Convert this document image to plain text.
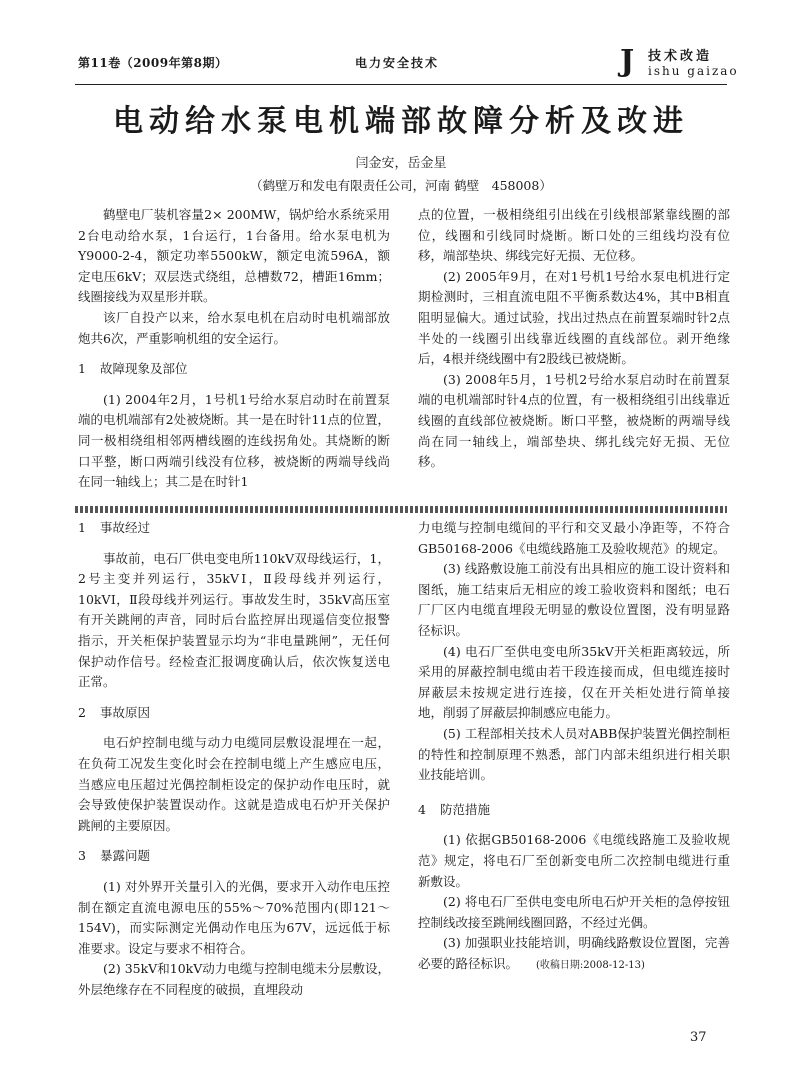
第11卷（2009年第8期）	电力安全技术	J 技术改造
ishu gaizao
电动给水泵电机端部故障分析及改进
闫金安，岳金星
（鹤壁万和发电有限责任公司，河南 鹤壁　458008）

鹤壁电厂装机容量2× 200MW，锅炉给水系统采用2台电动给水泵，1台运行，1台备用。给水泵电机为Y9000-2-4，额定功率5500kW，额定电流596A，额定电压6kV；双层迭式绕组，总槽数72，槽距16mm；线圈接线为双星形并联。

该厂自投产以来，给水泵电机在启动时电机端部放炮共6次，严重影响机组的安全运行。

1 故障现象及部位

(1) 2004年2月，1号机1号给水泵启动时在前置泵端的电机端部有2处被烧断。其一是在时针11点的位置，同一极相绕组相邻两槽线圈的连线拐角处。其烧断的断口平整，断口两端引线没有位移，被烧断的两端导线尚在同一轴线上；其二是在时针1

点的位置，一极相绕组引出线在引线根部紧靠线圈的部位，线圈和引线同时烧断。断口处的三组线均没有位移，端部垫块、绑线完好无损、无位移。

(2) 2005年9月，在对1号机1号给水泵电机进行定期检测时，三相直流电阻不平衡系数达4%，其中B相直阻明显偏大。通过试验，找出过热点在前置泵端时针2点半处的一线圈引出线靠近线圈的直线部位。剥开绝缘后，4根并绕线圈中有2股线已被烧断。

(3) 2008年5月，1号机2号给水泵启动时在前置泵端的电机端部时针4点的位置，有一极相绕组引出线靠近线圈的直线部位被烧断。断口平整，被烧断的两端导线尚在同一轴线上，端部垫块、绑扎线完好无损、无位移。

1 事故经过

事故前，电石厂供电变电所110kV双母线运行，1，2号主变并列运行，35kVⅠ，Ⅱ段母线并列运行，10kVⅠ，Ⅱ段母线并列运行。事故发生时，35kV高压室有开关跳闸的声音，同时后台监控屏出现遥信变位报警指示，开关柜保护装置显示均为“非电量跳闸”，无任何保护动作信号。经检查汇报调度确认后，依次恢复送电正常。

2 事故原因

电石炉控制电缆与动力电缆同层敷设混埋在一起，在负荷工况发生变化时会在控制电缆上产生感应电压，当感应电压超过光偶控制柜设定的保护动作电压时，就会导致使保护装置误动作。这就是造成电石炉开关保护跳闸的主要原因。

3 暴露问题

(1) 对外界开关量引入的光偶，要求开入动作电压控制在额定直流电源电压的55%～70%范围内(即121～154V)，而实际测定光偶动作电压为67V，远远低于标准要求。设定与要求不相符合。

(2) 35kV和10kV动力电缆与控制电缆未分层敷设，外层绝缘存在不同程度的破损，直埋段动

力电缆与控制电缆间的平行和交叉最小净距等，不符合GB50168-2006《电缆线路施工及验收规范》的规定。

(3) 线路敷设施工前没有出具相应的施工设计资料和图纸，施工结束后无相应的竣工验收资料和图纸；电石厂厂区内电缆直埋段无明显的敷设位置图，没有明显路径标识。

(4) 电石厂至供电变电所35kV开关柜距离较远，所采用的屏蔽控制电缆由若干段连接而成，但电缆连接时屏蔽层未按规定进行连接，仅在开关柜处进行简单接地，削弱了屏蔽层抑制感应电能力。

(5) 工程部相关技术人员对ABB保护装置光偶控制柜的特性和控制原理不熟悉，部门内部未组织进行相关职业技能培训。

4 防范措施

(1) 依据GB50168-2006《电缆线路施工及验收规范》规定，将电石厂至创新变电所二次控制电缆进行重新敷设。

(2) 将电石厂至供电变电所电石炉开关柜的急停按钮控制线改接至跳闸线圈回路，不经过光偶。

(3) 加强职业技能培训，明确线路敷设位置图，完善必要的路径标识。 (收稿日期:2008-12-13)

37
